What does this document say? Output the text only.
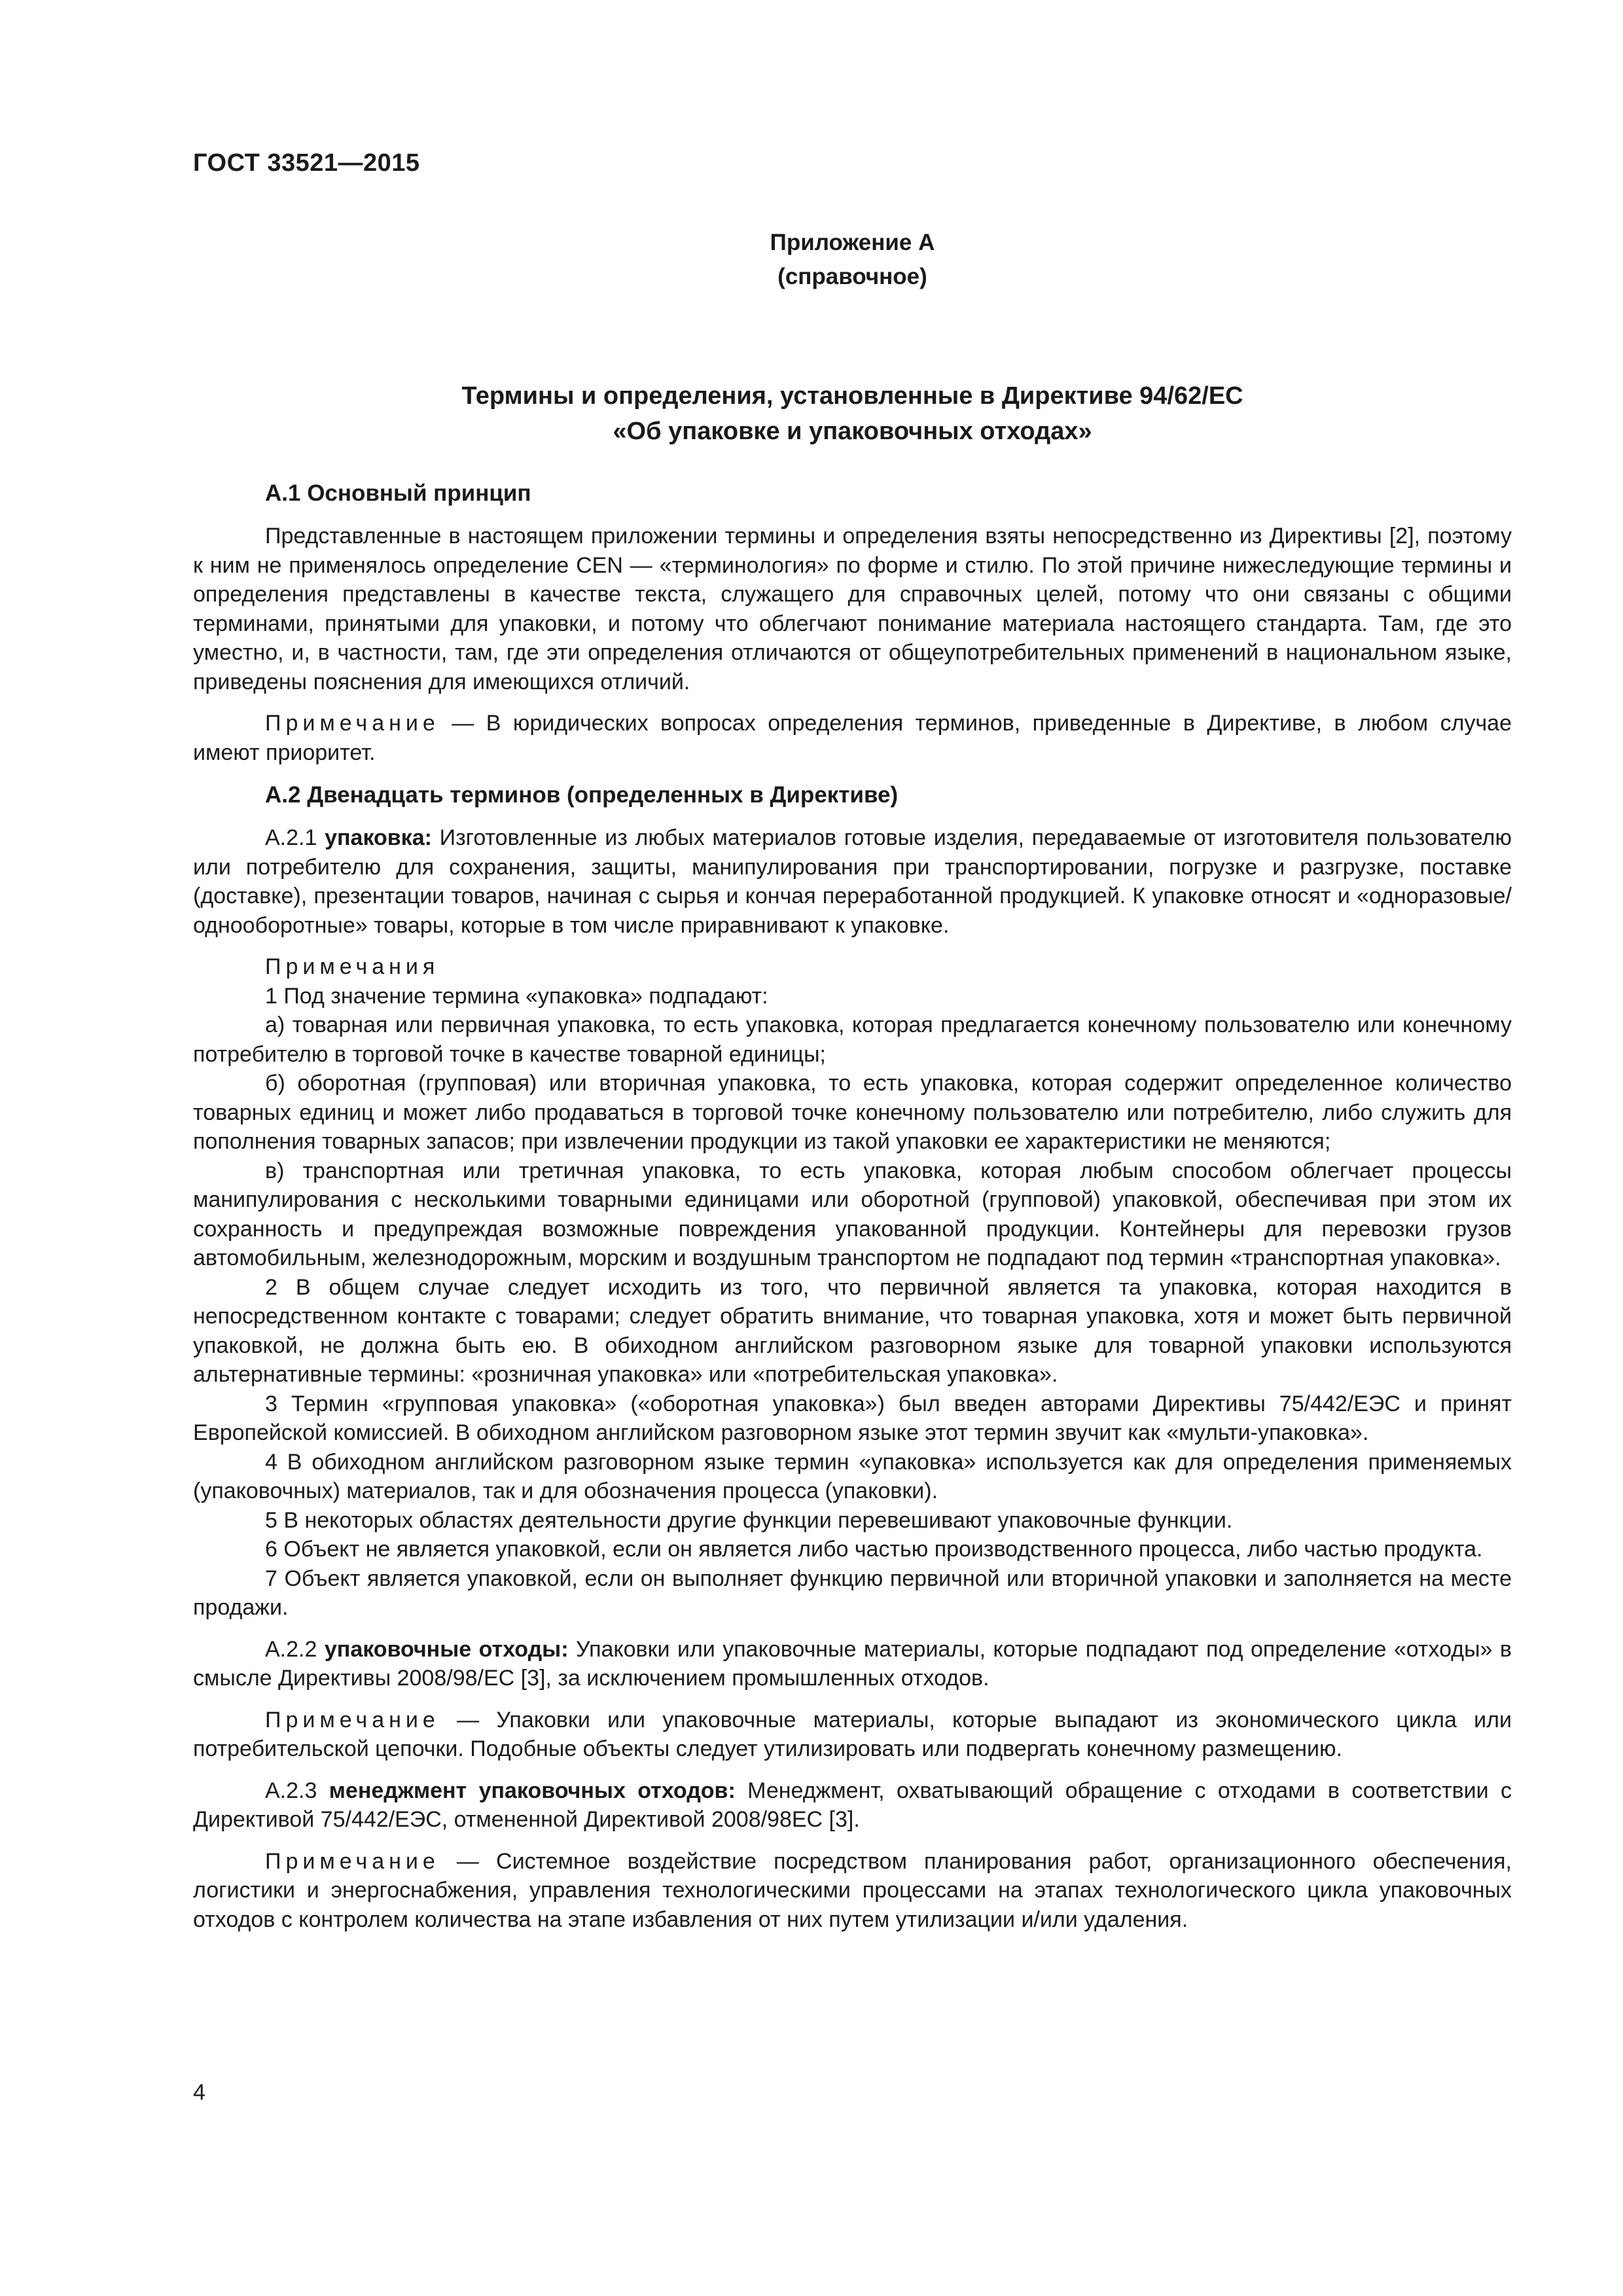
ГОСТ 33521—2015
Приложение А
(справочное)
Термины и определения, установленные в Директиве 94/62/ЕС
«Об упаковке и упаковочных отходах»
А.1 Основный принцип

Представленные в настоящем приложении термины и определения взяты непосредственно из Директивы [2], поэтому к ним не применялось определение CEN — «терминология» по форме и стилю. По этой причине нижеследующие термины и определения представлены в качестве текста, служащего для справочных целей, потому что они связаны с общими терминами, принятыми для упаковки, и потому что облегчают понимание материала настоящего стандарта. Там, где это уместно, и, в частности, там, где эти определения отличаются от общеупотребительных применений в национальном языке, приведены пояснения для имеющихся отличий.

Примечание — В юридических вопросах определения терминов, приведенные в Директиве, в любом случае имеют приоритет.

А.2 Двенадцать терминов (определенных в Директиве)

А.2.1 упаковка: Изготовленные из любых материалов готовые изделия, передаваемые от изготовителя пользователю или потребителю для сохранения, защиты, манипулирования при транспортировании, погрузке и разгрузке, поставке (доставке), презентации товаров, начиная с сырья и кончая переработанной продукцией. К упаковке относят и «одноразовые/однооборотные» товары, которые в том числе приравнивают к упаковке.

Примечания

1 Под значение термина «упаковка» подпадают:

а) товарная или первичная упаковка, то есть упаковка, которая предлагается конечному пользователю или конечному потребителю в торговой точке в качестве товарной единицы;

б) оборотная (групповая) или вторичная упаковка, то есть упаковка, которая содержит определенное количество товарных единиц и может либо продаваться в торговой точке конечному пользователю или потребителю, либо служить для пополнения товарных запасов; при извлечении продукции из такой упаковки ее характеристики не меняются;

в) транспортная или третичная упаковка, то есть упаковка, которая любым способом облегчает процессы манипулирования с несколькими товарными единицами или оборотной (групповой) упаковкой, обеспечивая при этом их сохранность и предупреждая возможные повреждения упакованной продукции. Контейнеры для перевозки грузов автомобильным, железнодорожным, морским и воздушным транспортом не подпадают под термин «транспортная упаковка».

2 В общем случае следует исходить из того, что первичной является та упаковка, которая находится в непосредственном контакте с товарами; следует обратить внимание, что товарная упаковка, хотя и может быть первичной упаковкой, не должна быть ею. В обиходном английском разговорном языке для товарной упаковки используются альтернативные термины: «розничная упаковка» или «потребительская упаковка».

3 Термин «групповая упаковка» («оборотная упаковка») был введен авторами Директивы 75/442/ЕЭС и принят Европейской комиссией. В обиходном английском разговорном языке этот термин звучит как «мульти-упаковка».

4 В обиходном английском разговорном языке термин «упаковка» используется как для определения применяемых (упаковочных) материалов, так и для обозначения процесса (упаковки).

5 В некоторых областях деятельности другие функции перевешивают упаковочные функции.

6 Объект не является упаковкой, если он является либо частью производственного процесса, либо частью продукта.

7 Объект является упаковкой, если он выполняет функцию первичной или вторичной упаковки и заполняется на месте продажи.

А.2.2 упаковочные отходы: Упаковки или упаковочные материалы, которые подпадают под определение «отходы» в смысле Директивы 2008/98/ЕС [3], за исключением промышленных отходов.

Примечание — Упаковки или упаковочные материалы, которые выпадают из экономического цикла или потребительской цепочки. Подобные объекты следует утилизировать или подвергать конечному размещению.

А.2.3 менеджмент упаковочных отходов: Менеджмент, охватывающий обращение с отходами в соответствии с Директивой 75/442/ЕЭС, отмененной Директивой 2008/98ЕС [3].

Примечание — Системное воздействие посредством планирования работ, организационного обеспечения, логистики и энергоснабжения, управления технологическими процессами на этапах технологического цикла упаковочных отходов с контролем количества на этапе избавления от них путем утилизации и/или удаления.

4
